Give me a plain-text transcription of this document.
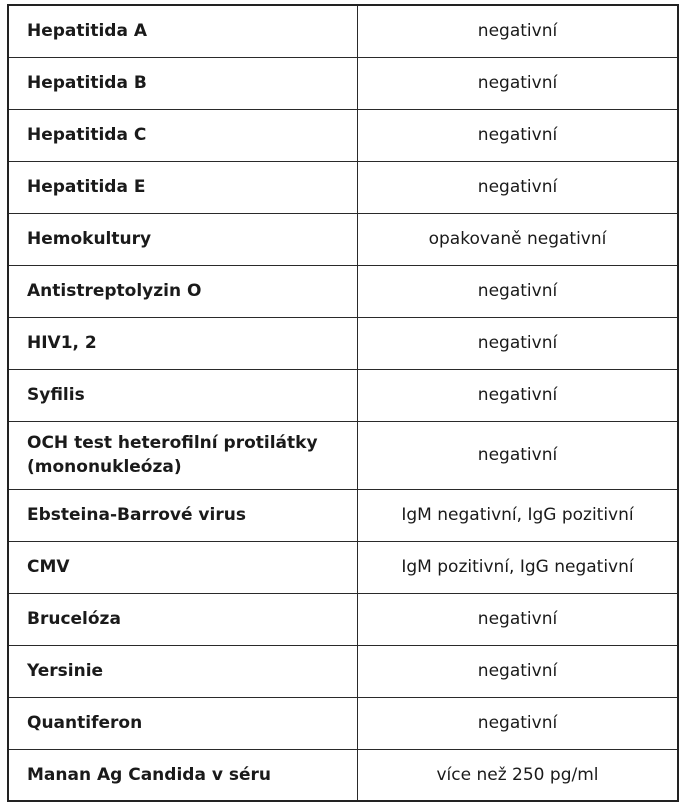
Hepatitida A	negativní
Hepatitida B	negativní
Hepatitida C	negativní
Hepatitida E	negativní
Hemokultury	opakovaně negativní
Antistreptolyzin O	negativní
HIV1, 2	negativní
Syfilis	negativní
OCH test heterofilní protilátky (mononukleóza)	negativní
Ebsteina-Barrové virus	IgM negativní, IgG pozitivní
CMV	IgM pozitivní, IgG negativní
Brucelóza	negativní
Yersinie	negativní
Quantiferon	negativní
Manan Ag Candida v séru	více než 250 pg/ml
